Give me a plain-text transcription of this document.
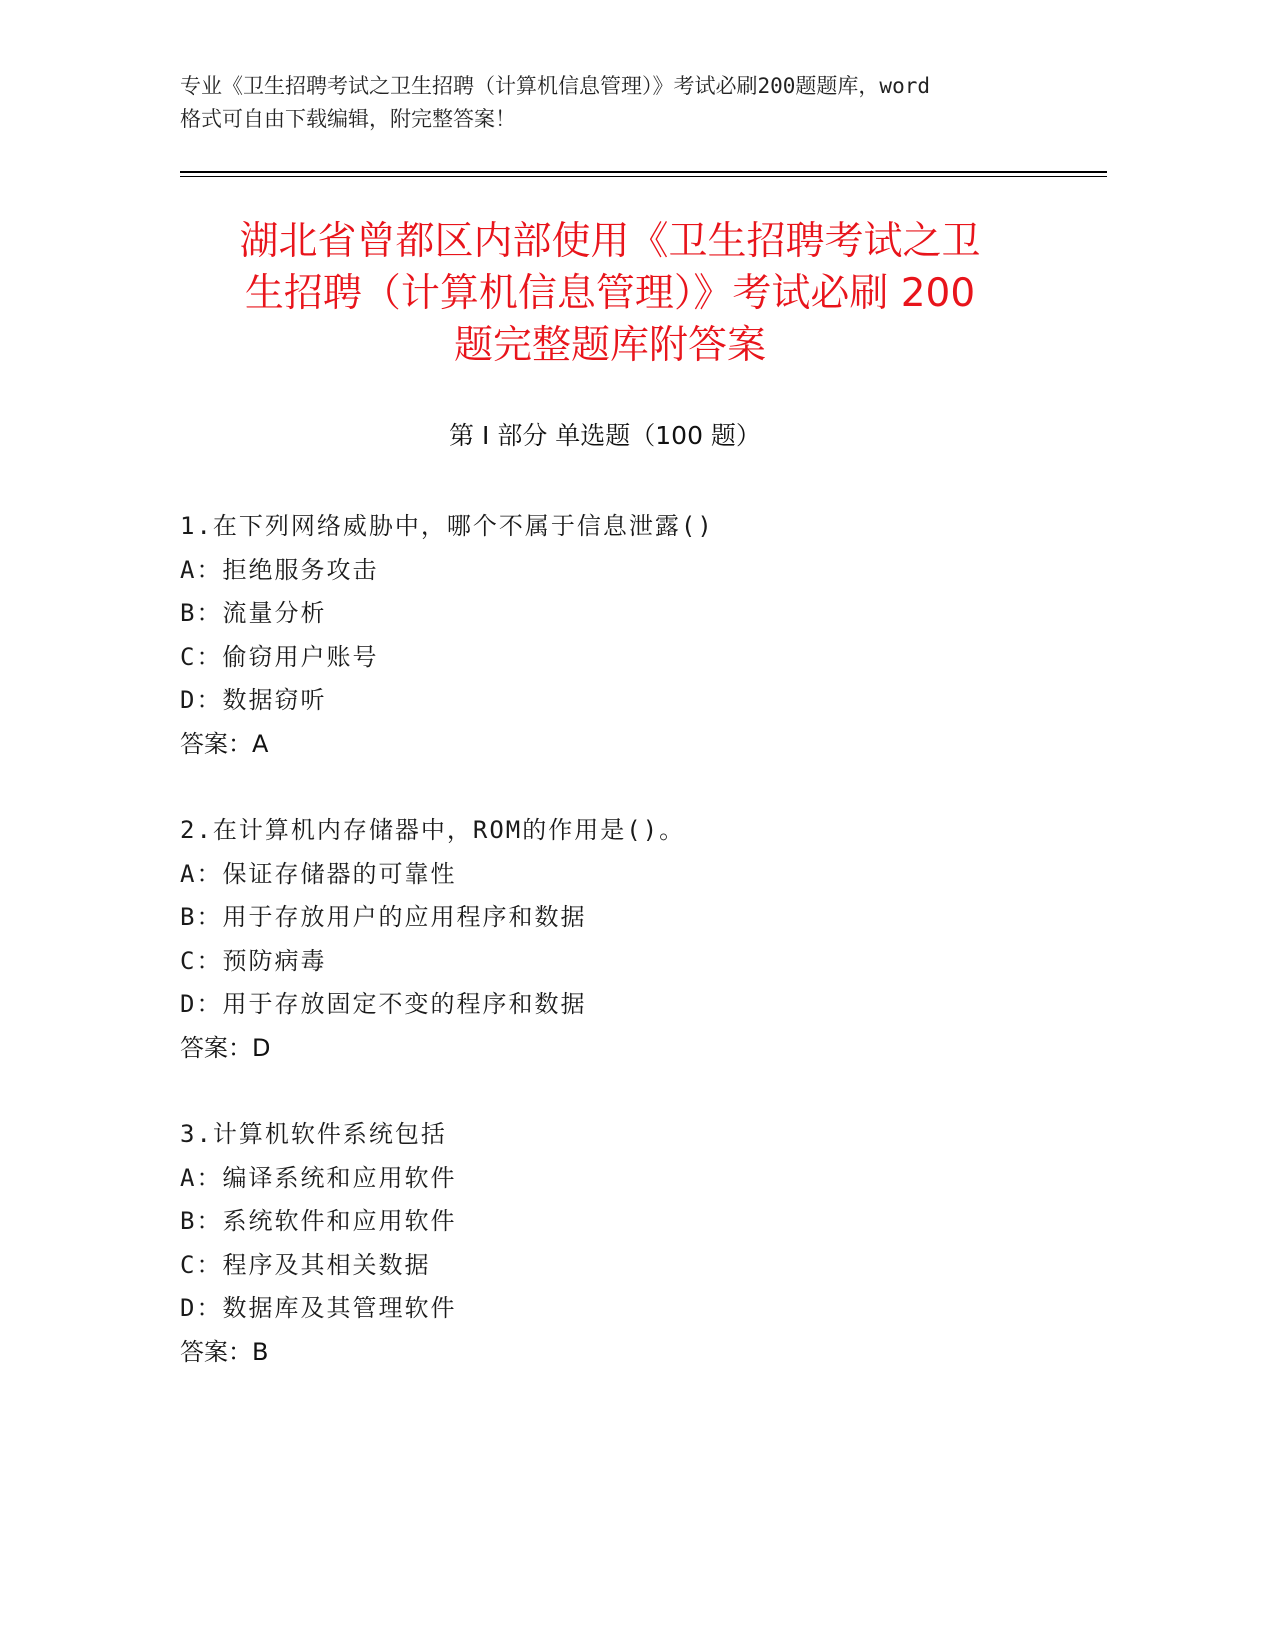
专业《卫生招聘考试之卫生招聘（计算机信息管理）》考试必刷200题题库，word
格式可自由下载编辑，附完整答案！
湖北省曾都区内部使用《卫生招聘考试之卫
生招聘（计算机信息管理）》考试必刷 200
题完整题库附答案
第 I 部分 单选题（100 题）
1.在下列网络威胁中，哪个不属于信息泄露()
A：拒绝服务攻击
B：流量分析
C：偷窃用户账号
D：数据窃听
答案：A
2.在计算机内存储器中，ROM的作用是()。
A：保证存储器的可靠性
B：用于存放用户的应用程序和数据
C：预防病毒
D：用于存放固定不变的程序和数据
答案：D
3.计算机软件系统包括
A：编译系统和应用软件
B：系统软件和应用软件
C：程序及其相关数据
D：数据库及其管理软件
答案：B
